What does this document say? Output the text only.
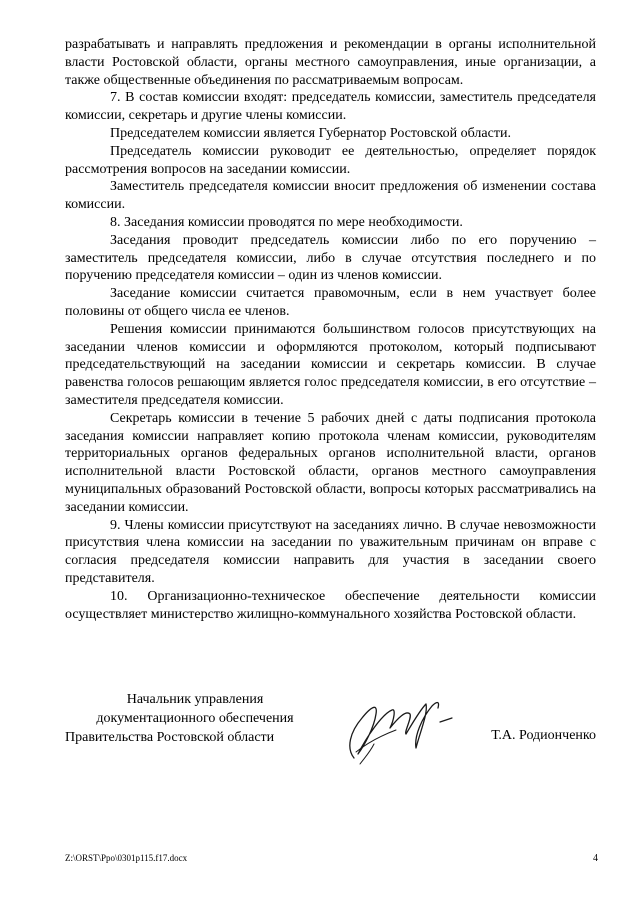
разрабатывать и направлять предложения и рекомендации в органы исполнительной власти Ростовской области, органы местного самоуправления, иные организации, а также общественные объединения по рассматриваемым вопросам.

7. В состав комиссии входят: председатель комиссии, заместитель председателя комиссии, секретарь и другие члены комиссии.

Председателем комиссии является Губернатор Ростовской области.

Председатель комиссии руководит ее деятельностью, определяет порядок рассмотрения вопросов на заседании комиссии.

Заместитель председателя комиссии вносит предложения об изменении состава комиссии.

8. Заседания комиссии проводятся по мере необходимости.

Заседания проводит председатель комиссии либо по его поручению – заместитель председателя комиссии, либо в случае отсутствия последнего и по поручению председателя комиссии – один из членов комиссии.

Заседание комиссии считается правомочным, если в нем участвует более половины от общего числа ее членов.

Решения комиссии принимаются большинством голосов присутствующих на заседании членов комиссии и оформляются протоколом, который подписывают председательствующий на заседании комиссии и секретарь комиссии. В случае равенства голосов решающим является голос председателя комиссии, в его отсутствие – заместителя председателя комиссии.

Секретарь комиссии в течение 5 рабочих дней с даты подписания протокола заседания комиссии направляет копию протокола членам комиссии, руководителям территориальных органов федеральных органов исполнительной власти, органов исполнительной власти Ростовской области, органов местного самоуправления муниципальных образований Ростовской области, вопросы которых рассматривались на заседании комиссии.

9. Члены комиссии присутствуют на заседаниях лично. В случае невозможности присутствия члена комиссии на заседании по уважительным причинам он вправе с согласия председателя комиссии направить для участия в заседании своего представителя.

10. Организационно-техническое обеспечение деятельности комиссии осуществляет министерство жилищно-коммунального хозяйства Ростовской области.

Начальник управления
документационного обеспечения
Правительства Ростовской области	Т.А. Родионченко
Z:\ORST\Ppo\0301p115.f17.docx	4
